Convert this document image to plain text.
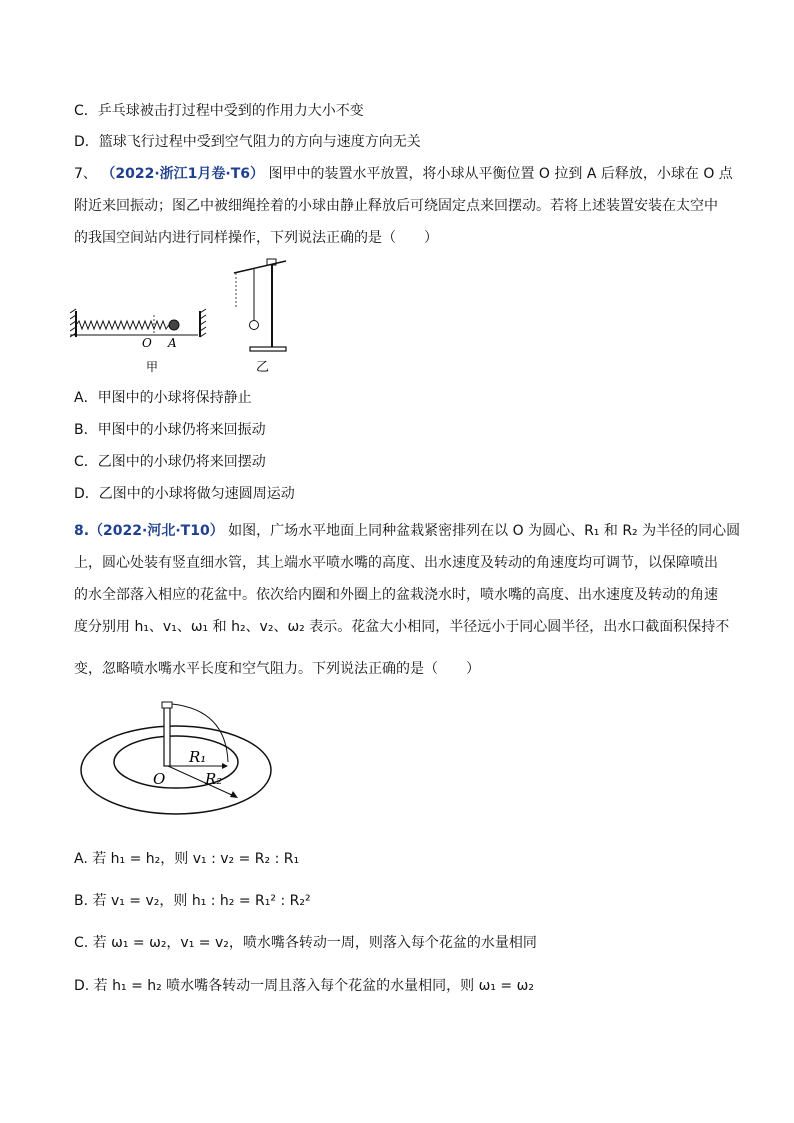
C．乒乓球被击打过程中受到的作用力大小不变
D．篮球飞行过程中受到空气阻力的方向与速度方向无关
7、 （2022·浙江1月卷·T6） 图甲中的装置水平放置，将小球从平衡位置 O 拉到 A 后释放，小球在 O 点
附近来回振动；图乙中被细绳拴着的小球由静止释放后可绕固定点来回摆动。若将上述装置安装在太空中
的我国空间站内进行同样操作，下列说法正确的是（　　）
O A
甲	乙
A．甲图中的小球将保持静止
B．甲图中的小球仍将来回振动
C．乙图中的小球仍将来回摆动
D．乙图中的小球将做匀速圆周运动
8.（2022·河北·T10） 如图，广场水平地面上同种盆栽紧密排列在以 O 为圆心、R₁ 和 R₂ 为半径的同心圆
上，圆心处装有竖直细水管，其上端水平喷水嘴的高度、出水速度及转动的角速度均可调节，以保障喷出
的水全部落入相应的花盆中。依次给内圈和外圈上的盆栽浇水时，喷水嘴的高度、出水速度及转动的角速
度分别用 h₁、v₁、ω₁ 和 h₂、v₂、ω₂ 表示。花盆大小相同，半径远小于同心圆半径，出水口截面积保持不
变，忽略喷水嘴水平长度和空气阻力。下列说法正确的是（　　）
O
R₁
R₂
A. 若 h₁ = h₂，则 v₁ : v₂ = R₂ : R₁
B. 若 v₁ = v₂，则 h₁ : h₂ = R₁² : R₂²
C. 若 ω₁ = ω₂，v₁ = v₂，喷水嘴各转动一周，则落入每个花盆的水量相同
D. 若 h₁ = h₂ 喷水嘴各转动一周且落入每个花盆的水量相同，则 ω₁ = ω₂
